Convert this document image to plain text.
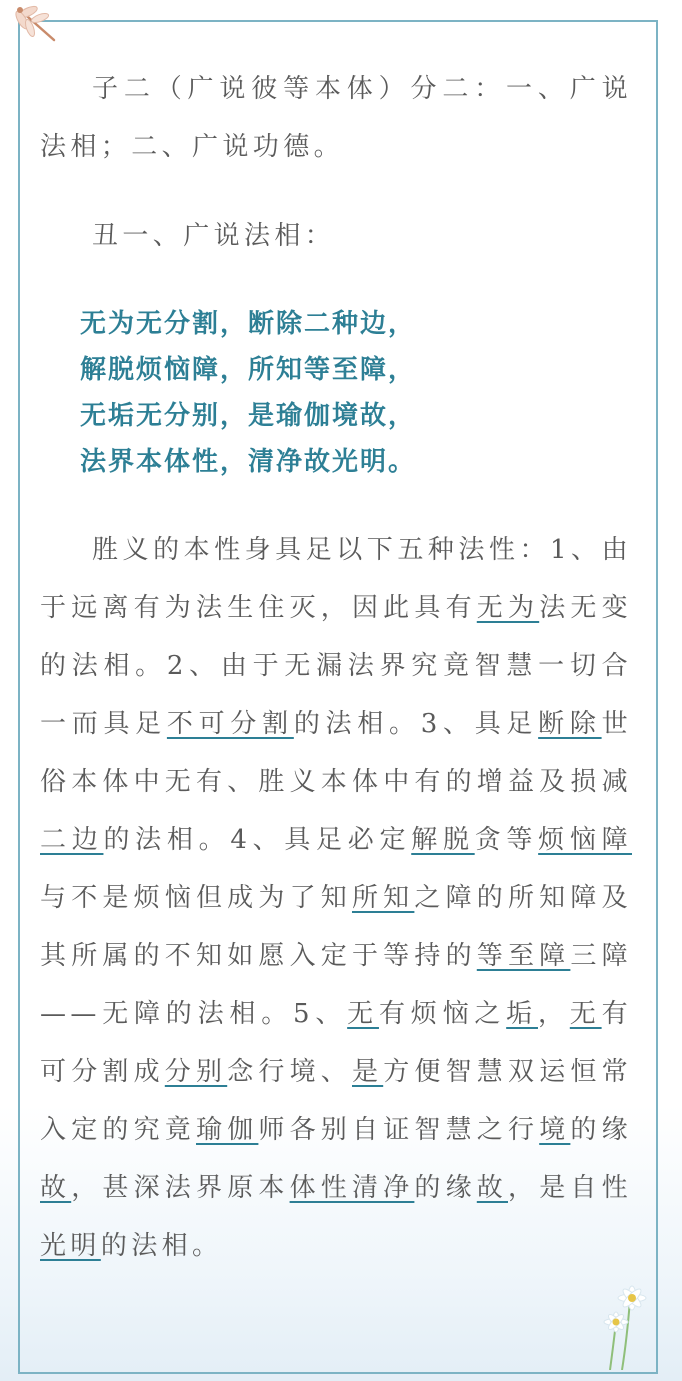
子二（广说彼等本体）分二：一、广说法相；二、广说功德。

丑一、广说法相：

无为无分割，断除二种边，
解脱烦恼障，所知等至障，
无垢无分别，是瑜伽境故，
法界本体性，清净故光明。

胜义的本性身具足以下五种法性：1、由于远离有为法生住灭，因此具有无为法无变的法相。2、由于无漏法界究竟智慧一切合一而具足不可分割的法相。3、具足断除世俗本体中无有、胜义本体中有的增益及损减二边的法相。4、具足必定解脱贪等烦恼障与不是烦恼但成为了知所知之障的所知障及其所属的不知如愿入定于等持的等至障三障——无障的法相。5、无有烦恼之垢，无有可分割成分别念行境、是方便智慧双运恒常入定的究竟瑜伽师各别自证智慧之行境的缘故，甚深法界原本体性清净的缘故，是自性光明的法相。
